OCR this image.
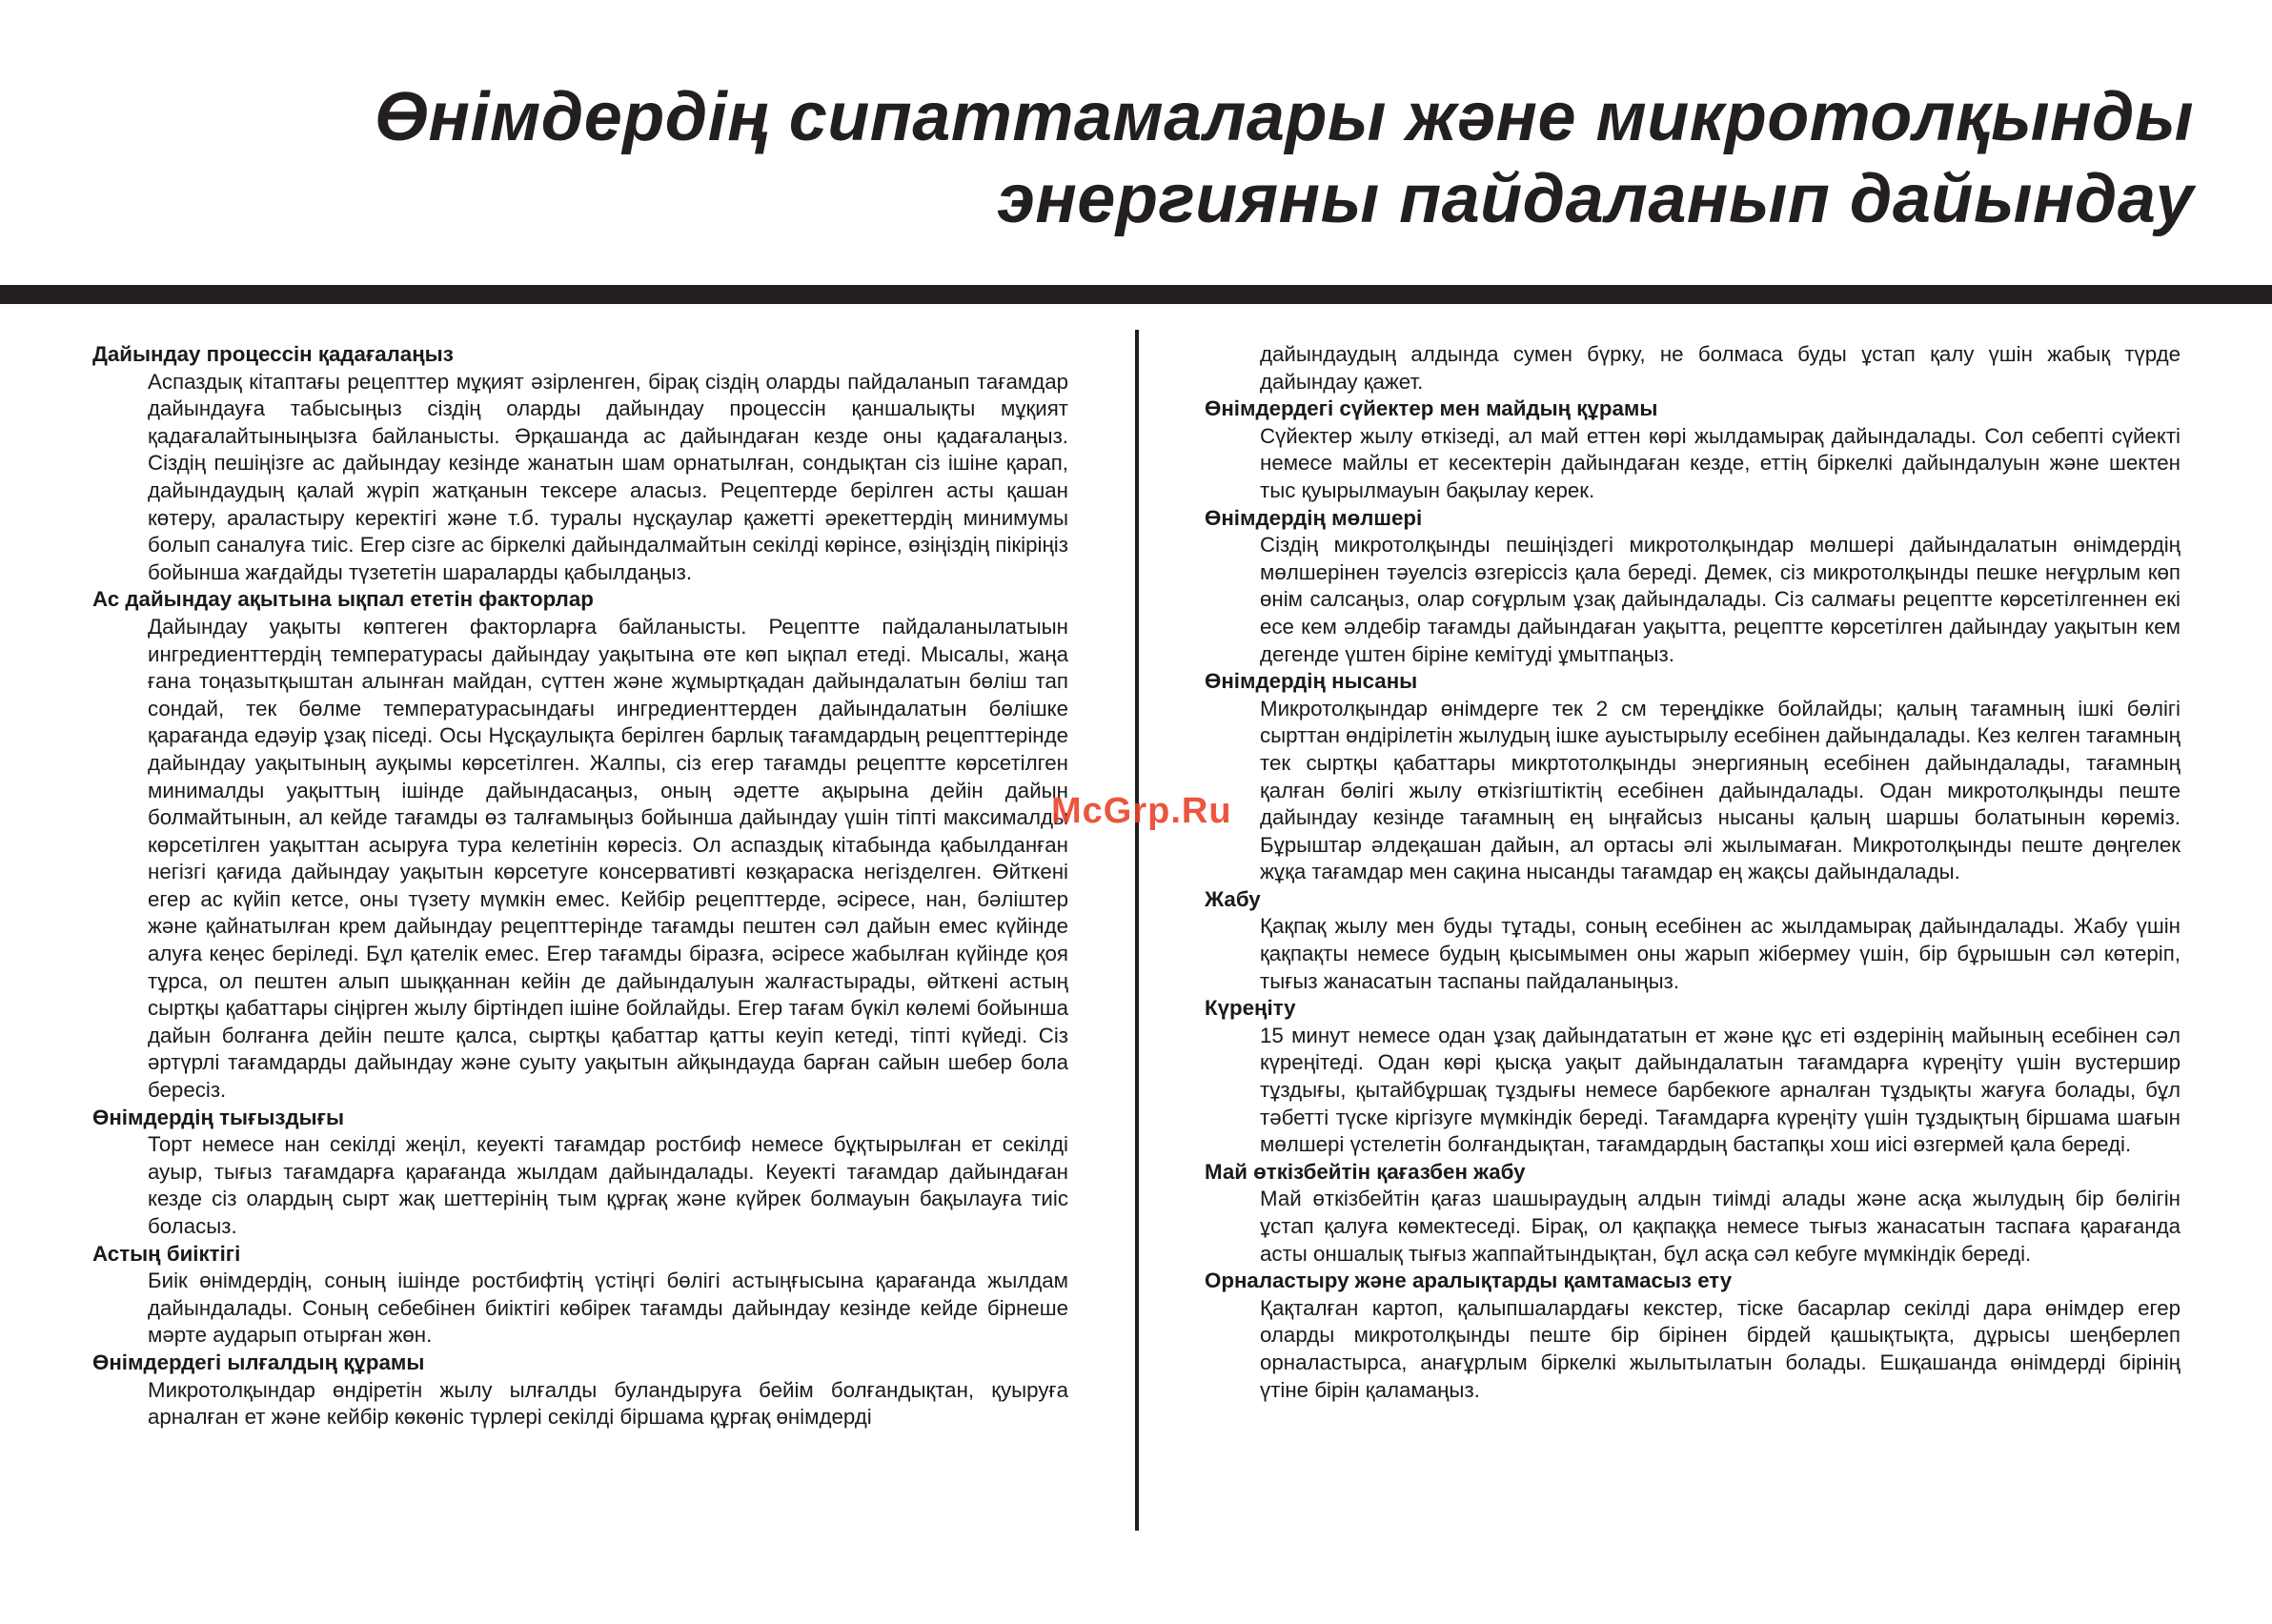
Өнімдердің сипаттамалары және микротолқынды
энергияны пайдаланып дайындау

Дайындау процессін қадағалаңыз

Аспаздық кітаптағы рецепттер мұқият әзірленген, бірақ сіздің оларды пайдаланып тағамдар дайындауға табысыңыз сіздің оларды дайындау процессін қаншалықты мұқият қадағалайтыныңызға байланысты. Әрқашанда ас дайындаған кезде оны қадағалаңыз. Сіздің пешіңізге ас дайындау кезінде жанатын шам орнатылған, сондықтан сіз ішіне қарап, дайындаудың қалай жүріп жатқанын тексере аласыз. Рецептерде берілген асты қашан көтеру, араластыру керектігі және т.б. туралы нұсқаулар қажетті әрекеттердің минимумы болып саналуға тиіс. Егер сізге ас біркелкі дайындалмайтын секілді көрінсе, өзіңіздің пікіріңіз бойынша жағдайды түзететін шараларды қабылдаңыз.

Ас дайындау ақытына ықпал ететін факторлар

Дайындау уақыты көптеген факторларға байланысты. Рецептте пайдаланылатыын ингредиенттердің температурасы дайындау уақытына өте көп ықпал етеді. Мысалы, жаңа ғана тоңазытқыштан алынған майдан, сүттен және жұмыртқадан дайындалатын бөліш тап сондай, тек бөлме температурасындағы ингредиенттерден дайындалатын бөлішке қарағанда едәуір ұзақ піседі. Осы Нұсқаулықта берілген барлық тағамдардың рецепттерінде дайындау уақытының ауқымы көрсетілген. Жалпы, сіз егер тағамды рецептте көрсетілген минималды уақыттың ішінде дайындасаңыз, оның әдетте ақырына дейін дайын болмайтынын, ал кейде тағамды өз талғамыңыз бойынша дайындау үшін тіпті максималды көрсетілген уақыттан асыруға тура келетінін көресіз. Ол аспаздық кітабында қабылданған негізгі қағида дайындау уақытын көрсетуге консервативті көзқараска негізделген. Өйткені егер ас күйіп кетсе, оны түзету мүмкін емес. Кейбір рецепттерде, әсіресе, нан, бәліштер және қайнатылған крем дайындау рецепттерінде тағамды пештен сәл дайын емес күйінде алуға кеңес беріледі. Бұл қателік емес. Егер тағамды біразға, әсіресе жабылған күйінде қоя тұрса, ол пештен алып шыққаннан кейін де дайындалуын жалғастырады, өйткені астың сыртқы қабаттары сіңірген жылу біртіндеп ішіне бойлайды. Егер тағам бүкіл көлемі бойынша дайын болғанға дейін пеште қалса, сыртқы қабаттар қатты кеуіп кетеді, тіпті күйеді. Сіз әртүрлі тағамдарды дайындау және суыту уақытын айқындауда барған сайын шебер бола бересіз.

Өнімдердің тығыздығы

Торт немесе нан секілді жеңіл, кеуекті тағамдар ростбиф немесе бұқтырылған ет секілді ауыр, тығыз тағамдарға қарағанда жылдам дайындалады. Кеуекті тағамдар дайындаған кезде сіз олардың сырт жақ шеттерінің тым құрғақ және күйрек болмауын бақылауға тиіс боласыз.

Астың биіктігі

Биік өнімдердің, соның ішінде ростбифтің үстіңгі бөлігі астыңғысына қарағанда жылдам дайындалады. Соның себебінен биіктігі көбірек тағамды дайындау кезінде кейде бірнеше мәрте аударып отырған жөн.

Өнімдердегі ылғалдың құрамы

Микротолқындар өндіретін жылу ылғалды буландыруға бейім болғандықтан, қуыруға арналған ет және кейбір көкөніс түрлері секілді біршама құрғақ өнімдерді

дайындаудың алдында сумен бүрку, не болмаса буды ұстап қалу үшін жабық түрде дайындау қажет.

Өнімдердегі сүйектер мен майдың құрамы

Сүйектер жылу өткізеді, ал май еттен көрі жылдамырақ дайындалады. Сол себепті сүйекті немесе майлы ет кесектерін дайындаған кезде, еттің біркелкі дайындалуын және шектен тыс қуырылмауын бақылау керек.

Өнімдердің мөлшері

Сіздің микротолқынды пешіңіздегі микротолқындар мөлшері дайындалатын өнімдердің мөлшерінен тәуелсіз өзгеріссіз қала береді. Демек, сіз микротолқынды пешке неғұрлым көп өнім салсаңыз, олар соғұрлым ұзақ дайындалады. Сіз салмағы рецептте көрсетілгеннен екі есе кем әлдебір тағамды дайындаған уақытта, рецептте көрсетілген дайындау уақытын кем дегенде үштен біріне кемітуді ұмытпаңыз.

Өнімдердің нысаны

Микротолқындар өнімдерге тек 2 см тереңдікке бойлайды; қалың тағамның ішкі бөлігі сырттан өндірілетін жылудың ішке ауыстырылу есебінен дайындалады. Кез келген тағамның тек сыртқы қабаттары микртотолқынды энергияның есебінен дайындалады, тағамның қалған бөлігі жылу өткізгіштіктің есебінен дайындалады. Одан микротолқынды пеште дайындау кезінде тағамның ең ыңғайсыз нысаны қалың шаршы болатынын көреміз. Бұрыштар әлдеқашан дайын, ал ортасы әлі жылымаған. Микротолқынды пеште дөңгелек жұқа тағамдар мен сақина нысанды тағамдар ең жақсы дайындалады.

Жабу

Қақпақ жылу мен буды тұтады, соның есебінен ас жылдамырақ дайындалады. Жабу үшін қақпақты немесе будың қысымымен оны жарып жібермеу үшін, бір бұрышын сәл көтеріп, тығыз жанасатын таспаны пайдаланыңыз.

Күреңіту

15 минут немесе одан ұзақ дайындататын ет және құс еті өздерінің майының есебінен сәл күреңітеді. Одан көрі қысқа уақыт дайындалатын тағамдарға күреңіту үшін вустершир тұздығы, қытайбұршақ тұздығы немесе барбекюге арналған тұздықты жағуға болады, бұл тәбетті түске кіргізуге мүмкіндік береді. Тағамдарға күреңіту үшін тұздықтың біршама шағын мөлшері үстелетін болғандықтан, тағамдардың бастапқы хош иісі өзгермей қала береді.

Май өткізбейтін қағазбен жабу

Май өткізбейтін қағаз шашыраудың алдын тиімді алады және асқа жылудың бір бөлігін ұстап қалуға көмектеседі. Бірақ, ол қақпаққа немесе тығыз жанасатын таспаға қарағанда асты оншалық тығыз жаппайтындықтан, бұл асқа сәл кебуге мүмкіндік береді.

Орналастыру және аралықтарды қамтамасыз ету

Қақталған картоп, қалыпшалардағы кекстер, тіске басарлар секілді дара өнімдер егер оларды микротолқынды пеште бір бірінен бірдей қашықтықта, дұрысы шеңберлеп орналастырса, анағұрлым біркелкі жылытылатын болады. Ешқашанда өнімдерді бірінің үтіне бірін қаламаңыз.

McGrp.Ru
